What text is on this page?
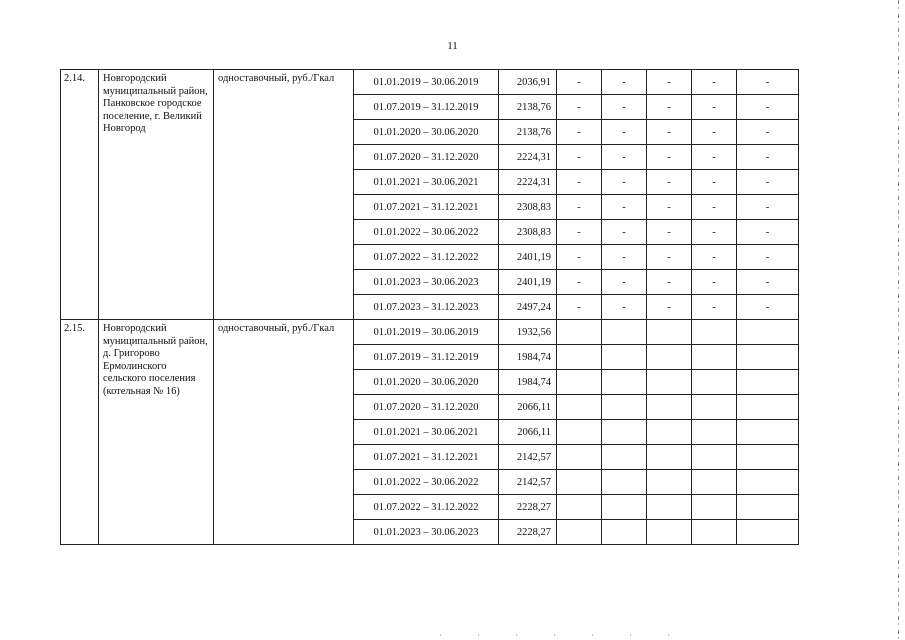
11
2.14.	Новгородский муниципальный район, Панковское городское поселение, г. Великий Новгород	одноставочный, руб./Гкал	01.01.2019 – 30.06.2019	2036,91	-	-	-	-	-
			01.07.2019 – 31.12.2019	2138,76	-	-	-	-	-
			01.01.2020 – 30.06.2020	2138,76	-	-	-	-	-
			01.07.2020 – 31.12.2020	2224,31	-	-	-	-	-
			01.01.2021 – 30.06.2021	2224,31	-	-	-	-	-
			01.07.2021 – 31.12.2021	2308,83	-	-	-	-	-
			01.01.2022 – 30.06.2022	2308,83	-	-	-	-	-
			01.07.2022 – 31.12.2022	2401,19	-	-	-	-	-
			01.01.2023 – 30.06.2023	2401,19	-	-	-	-	-
			01.07.2023 – 31.12.2023	2497,24	-	-	-	-	-
2.15.	Новгородский муниципальный район, д. Григорово Ермолинского сельского поселения (котельная № 16)	одноставочный, руб./Гкал	01.01.2019 – 30.06.2019	1932,56					
			01.07.2019 – 31.12.2019	1984,74					
			01.01.2020 – 30.06.2020	1984,74					
			01.07.2020 – 31.12.2020	2066,11					
			01.01.2021 – 30.06.2021	2066,11					
			01.07.2021 – 31.12.2021	2142,57					
			01.01.2022 – 30.06.2022	2142,57					
			01.07.2022 – 31.12.2022	2228,27					
			01.01.2023 – 30.06.2023	2228,27					
